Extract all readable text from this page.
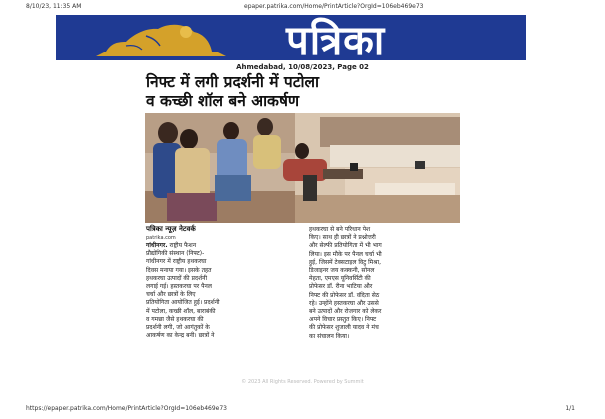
8/10/23, 11:35 AM	epaper.patrika.com/Home/PrintArticle?OrgId=106eb469e73
पत्रिका
Ahmedabad, 10/08/2023, Page 02
निफ्ट में लगी प्रदर्शनी में पटोला
व कच्छी शॉल बने आकर्षण
पत्रिका न्यूज़ नेटवर्क
patrika.com
गांधीनगर. राष्ट्रीय फैशन
प्रौद्योगिकी संस्थान (निफ्ट)-
गांधीनगर में राष्ट्रीय हथकरघा
दिवस मनाया गया। इसके तहत
हथकरघा उत्पादों की प्रदर्शनी
लगाई गई। हस्तकरघा पर पैनल
चर्चा और छात्रों के लिए
प्रतियोगिता आयोजित हुई। प्रदर्शनी
में पटोला, कच्छी शॉल, बाराबंकी
व गमछा जैसे हथकरघा की
प्रदर्शनी लगी, जो आगंतुकों के
आकर्षण का केन्द्र बनी। छात्रों ने
हथकरघा से बने परिधान पेश
किए। साथ ही छात्रों ने प्रश्नोत्तरी
और सेल्फी प्रतियोगिता में भी भाग
लिया। इस मौके पर पैनल चर्चा भी
हुई, जिसमें टेक्सटाइल विटु मिश्रा,
डिजाइनर जय कक्कनी, सोनल
मेहता, एमएस यूनिवर्सिटी की
प्रोफेसर डॉ. रीना भाटिया और
निफ्ट की प्रोफेसर डॉ. वंदिता सेठ
रहे। उन्होंने हस्तकरघा और उससे
बने उत्पादों और रोजगार को लेकर
अपने विचार प्रस्तुत किए। निफ्ट
की प्रोफेसर शुजाली यादव ने मंच
का संचालन किया।
© 2023 All Rights Reserved. Powered by Summit
https://epaper.patrika.com/Home/PrintArticle?OrgId=106eb469e73	1/1
